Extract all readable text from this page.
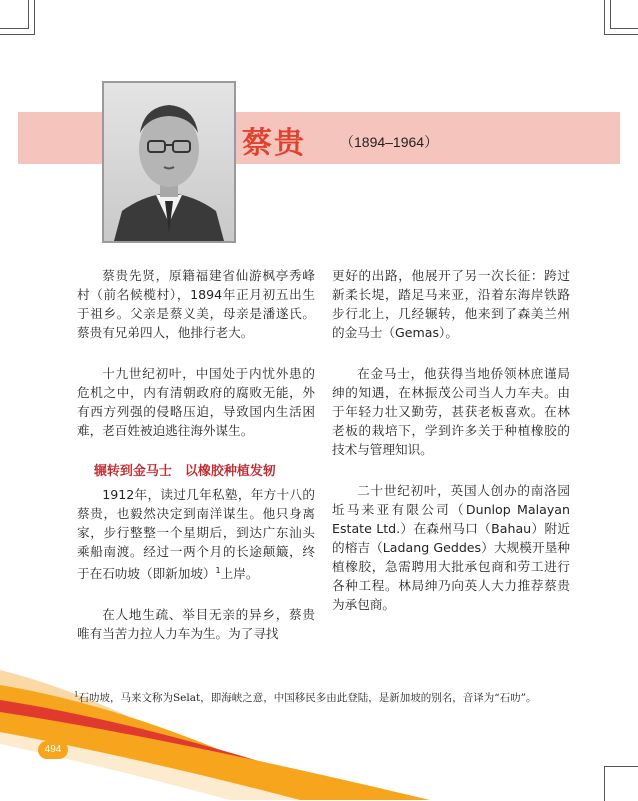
蔡贵 （1894–1964）

蔡贵先贤，原籍福建省仙游枫亭秀峰村（前名候榄村），1894年正月初五出生于祖乡。父亲是蔡义美，母亲是潘遂氏。蔡贵有兄弟四人，他排行老大。

十九世纪初叶，中国处于内忧外患的危机之中，内有清朝政府的腐败无能，外有西方列强的侵略压迫，导致国内生活困难，老百姓被迫逃往海外谋生。

辗转到金马士　以橡胶种植发轫

1912年，读过几年私塾，年方十八的蔡贵，也毅然决定到南洋谋生。他只身离家，步行整整一个星期后，到达广东汕头乘船南渡。经过一两个月的长途颠簸，终于在石叻坡（即新加坡）$^1$上岸。

在人地生疏、举目无亲的异乡，蔡贵唯有当苦力拉人力车为生。为了寻找

更好的出路，他展开了另一次长征：跨过新柔长堤，踏足马来亚，沿着东海岸铁路步行北上，几经辗转，他来到了森美兰州的金马士（Gemas）。

在金马士，他获得当地侨领林庶谨局绅的知遇，在林振茂公司当人力车夫。由于年轻力壮又勤劳，甚获老板喜欢。在林老板的栽培下，学到许多关于种植橡胶的技术与管理知识。

二十世纪初叶，英国人创办的南洛园坵马来亚有限公司（Dunlop Malayan Estate Ltd.）在森州马口（Bahau）附近的榕吉（Ladang Geddes）大规模开垦种植橡胶，急需聘用大批承包商和劳工进行各种工程。林局绅乃向英人大力推荐蔡贵为承包商。

$^1$石叻坡，马来文称为Selat，即海峡之意，中国移民多由此登陆，是新加坡的别名，音译为“石叻”。
494
